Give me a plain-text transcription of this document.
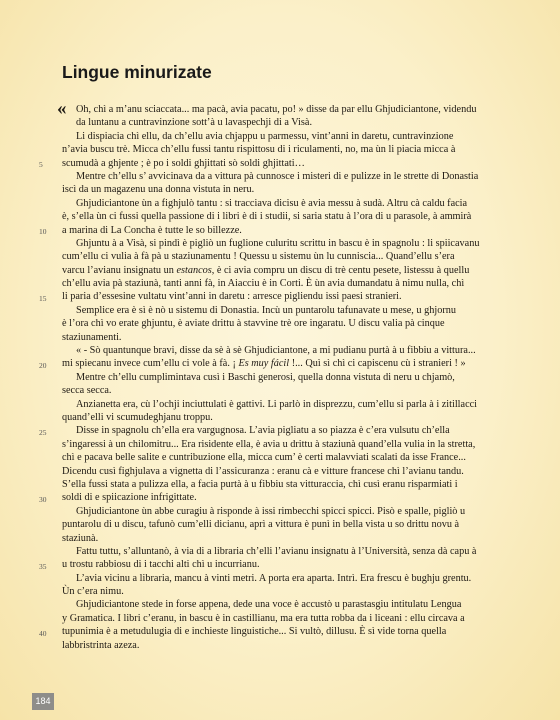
Lingue minurizate
« Oh, chì a m’anu sciaccata... ma pacà, avia pacatu, po! » disse da par ellu Ghjudiciantone, videndu
da luntanu a cuntravinzione sott’à u lavaspechji di a Visà.
Li dispiacia chì ellu, da ch’ellu avia chjappu u parmessu, vint’anni in daretu, cuntravinzione
n’avia buscu trè. Micca ch’ellu fussi tantu rispittosu di i riculamenti, no, ma ùn li piacia micca à
scumudà a ghjente ; è po i soldi ghjittati sò soldi ghjittati…
Mentre ch’ellu s’ avvicinava da a vittura pà cunnosce i misteri di e pulizze in le strette di Donastia
iscì da un magazenu una donna vistuta in neru.
Ghjudiciantone ùn a fighjulò tantu : si tracciava dicisu è avia messu à sudà. Altru cà caldu facia
è, s’ella ùn ci fussi quella passione di i libri è di i studii, si saria statu à l’ora di u parasole, à ammirà
a marina di La Concha è tutte le so billezze.
Ghjuntu à a Visà, si pindì è pigliò un fuglione culuritu scrittu in bascu è in spagnolu : li spiicavanu
cum’ellu ci vulia à fà pà u staziunamentu ! Quessu u sistemu ùn lu cunniscia... Quand’ellu s’era
varcu l’avianu insignatu un estancos, è ci avia compru un discu di trè centu pesete, listessu à quellu
ch’ellu avia pà staziunà, tanti anni fà, in Aiacciu è in Corti. È ùn avia dumandatu à nimu nulla, chì
li paria d’essesine vultatu vint’anni in daretu : arresce pigliendu issi paesi stranieri.
Semplice era è sì è nò u sistemu di Donastia. Incù un puntarolu tafunavate u mese, u ghjornu
è l’ora chì vo erate ghjuntu, è aviate drittu à stavvine trè ore ingaratu. U discu valia pà cinque
staziunamenti.
« - Sò quantunque bravi, disse da sè à sè Ghjudiciantone, a mi pudianu purtà à u fibbiu a vittura...
mi spiecanu invece cum’ellu ci vole à fà. ¡ Es muy fácil !... Quì sì chì ci capiscenu cù i stranieri ! »
Mentre ch’ellu cumplimintava cusì i Baschi generosi, quella donna vistuta di neru u chjamò,
secca secca.
Anzianetta era, cù l’ochji inciuttulati è gattivi. Li parlò in disprezzu, cum’ellu si parla à i zitillacci
quand’elli vi scumudeghjanu troppu.
Disse in spagnolu ch’ella era vargugnosa. L’avia pigliatu a so piazza è c’era vulsutu ch’ella
s’ingaressi à un chilomitru... Era risidente ella, è avia u drittu à staziunà quand’ella vulia in la stretta,
chì e pacava belle salite e cuntribuzione ella, micca cum’ è certi malavviati scalati da isse France...
Dicendu cusì fighjulava a vignetta di l’assicuranza : eranu cà e vitture francese chì l’avianu tandu.
S’ella fussi stata a pulizza ella, a facia purtà à u fibbiu sta vitturaccia, chì cusì eranu risparmiati i
soldi di e spiicazione infrigittate.
Ghjudiciantone ùn abbe curagiu à risponde à issi rimbecchi spicci spicci. Pisò e spalle, pigliò u
puntarolu di u discu, tafunò cum’elli dicianu, aprì a vittura è punì in bella vista u so drittu novu à
staziunà.
Fattu tuttu, s’alluntanò, à via di a libraria ch’elli l’avianu insignatu à l’Università, senza dà capu à
u trostu rabbiosu di i tacchi alti chì u incurrianu.
L’avia vicinu a libraria, mancu à vinti metri. A porta era aparta. Intrì. Era frescu è bughju grentu.
Ùn c’era nimu.
Ghjudiciantone stede in forse appena, dede una voce è accustò u parastasgiu intitulatu Lengua
y Gramatica. I libri c’eranu, in bascu è in castillianu, ma era tutta robba da i liceani : ellu circava a
tupunimia è a metudulugia di e inchieste linguistiche... Si vultò, dillusu. È sì vide torna quella
labbristrinta azeza.
5
10
15
20
25
30
35
40
184
